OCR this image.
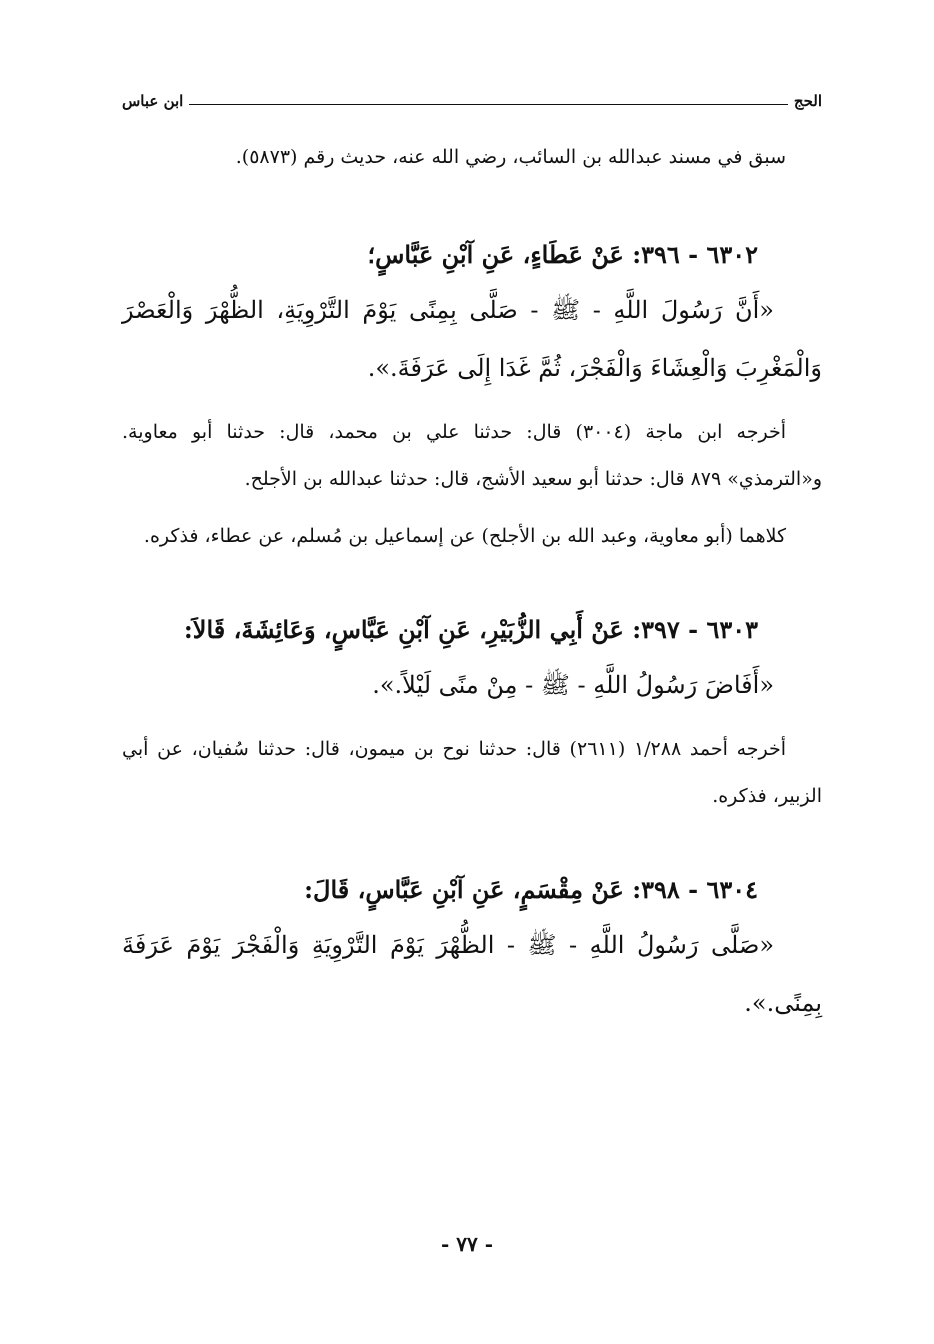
الحج
ابن عباس

سبق في مسند عبدالله بن السائب، رضي الله عنه، حديث رقم (٥٨٧٣).

٦٣٠٢ - ٣٩٦: عَنْ عَطَاءٍ، عَنِ آبْنِ عَبَّاسٍ؛

«أَنَّ رَسُولَ اللَّهِ - ﷺ - صَلَّى بِمِنًى يَوْمَ التَّرْوِيَةِ، الظُّهْرَ وَالْعَصْرَ وَالْمَغْرِبَ وَالْعِشَاءَ وَالْفَجْرَ، ثُمَّ غَدَا إِلَى عَرَفَةَ.».

أخرجه ابن ماجة (٣٠٠٤) قال: حدثنا علي بن محمد، قال: حدثنا أبو معاوية. و«الترمذي» ٨٧٩ قال: حدثنا أبو سعيد الأشج، قال: حدثنا عبدالله بن الأجلح.

كلاهما (أبو معاوية، وعبد الله بن الأجلح) عن إسماعيل بن مُسلم، عن عطاء، فذكره.

٦٣٠٣ - ٣٩٧: عَنْ أَبِي الزُّبَيْرِ، عَنِ آبْنِ عَبَّاسٍ، وَعَائِشَةَ، قَالاَ:

«أَفَاضَ رَسُولُ اللَّهِ - ﷺ - مِنْ منًى لَيْلاً.».

أخرجه أحمد ١/٢٨٨ (٢٦١١) قال: حدثنا نوح بن ميمون، قال: حدثنا سُفيان، عن أبي الزبير، فذكره.

٦٣٠٤ - ٣٩٨: عَنْ مِقْسَمٍ، عَنِ آبْنِ عَبَّاسٍ، قَالَ:

«صَلَّى رَسُولُ اللَّهِ - ﷺ - الظُّهْرَ يَوْمَ التَّرْوِيَةِ وَالْفَجْرَ يَوْمَ عَرَفَةَ بِمِنًى.».

- ٧٧ -
